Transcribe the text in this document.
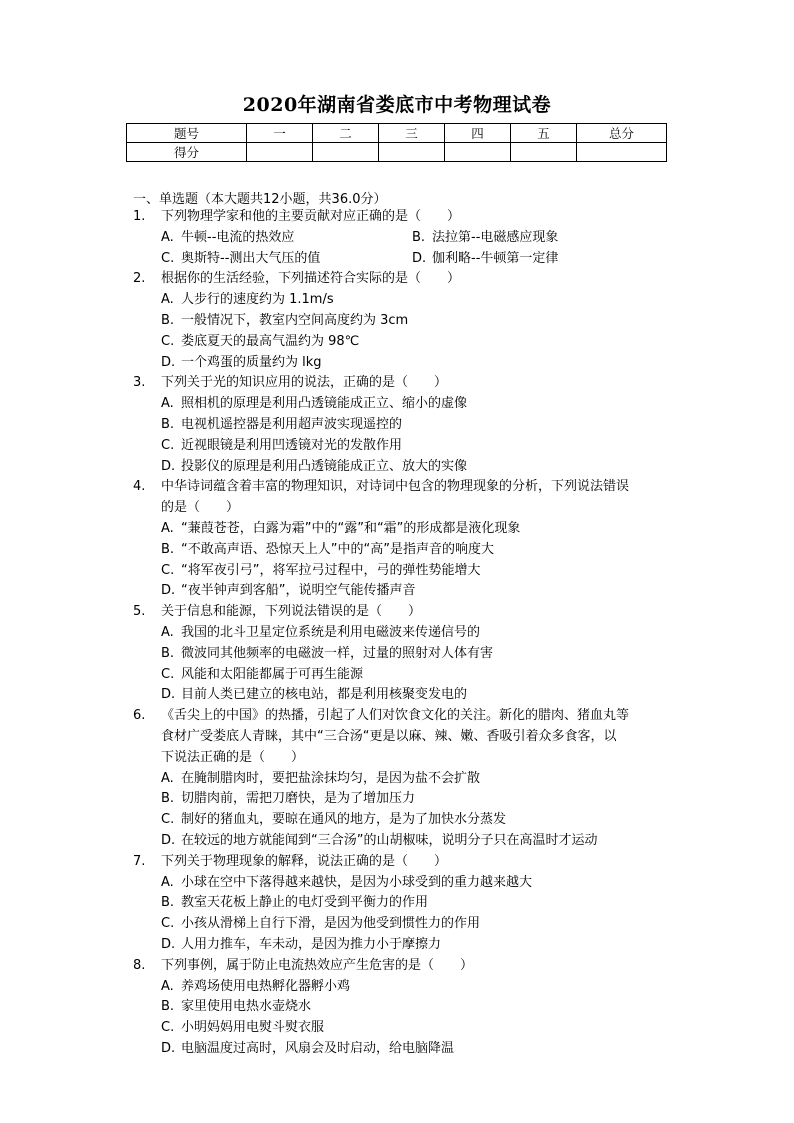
2020年湖南省娄底市中考物理试卷
题号	一	二	三	四	五	总分
得分						
一、单选题（本大题共12小题，共36.0分）
1.	下列物理学家和他的主要贡献对应正确的是（　　）
A. 牛顿--电流的热效应	B. 法拉第--电磁感应现象
C. 奥斯特--测出大气压的值	D. 伽利略--牛顿第一定律
2.	根据你的生活经验，下列描述符合实际的是（　　）
A. 人步行的速度约为 1.1m/s
B. 一般情况下，教室内空间高度约为 3cm
C. 娄底夏天的最高气温约为 98℃
D. 一个鸡蛋的质量约为 lkg
3.	下列关于光的知识应用的说法，正确的是（　　）
A. 照相机的原理是利用凸透镜能成正立、缩小的虚像
B. 电视机遥控器是利用超声波实现遥控的
C. 近视眼镜是利用凹透镜对光的发散作用
D. 投影仪的原理是利用凸透镜能成正立、放大的实像
4.	中华诗词蕴含着丰富的物理知识，对诗词中包含的物理现象的分析，下列说法错误
的是（　　）
A. “蒹葭苍苍，白露为霜”中的“露”和“霜”的形成都是液化现象
B. “不敢高声语、恐惊天上人”中的“高”是指声音的响度大
C. “将军夜引弓”，将军拉弓过程中，弓的弹性势能增大
D. “夜半钟声到客船”，说明空气能传播声音
5.	关于信息和能源，下列说法错误的是（　　）
A. 我国的北斗卫星定位系统是利用电磁波来传递信号的
B. 微波同其他频率的电磁波一样，过量的照射对人体有害
C. 风能和太阳能都属于可再生能源
D. 目前人类已建立的核电站，都是利用核聚变发电的
6.	《舌尖上的中国》的热播，引起了人们对饮食文化的关注。新化的腊肉、猪血丸等
食材广受娄底人青睐，其中“三合汤“更是以麻、辣、嫩、香吸引着众多食客，以
下说法正确的是（　　）
A. 在腌制腊肉时，要把盐涂抹均匀，是因为盐不会扩散
B. 切腊肉前，需把刀磨快，是为了增加压力
C. 制好的猪血丸，要晾在通风的地方，是为了加快水分蒸发
D. 在较远的地方就能闻到“三合汤”的山胡椒味，说明分子只在高温时才运动
7.	下列关于物理现象的解释，说法正确的是（　　）
A. 小球在空中下落得越来越快，是因为小球受到的重力越来越大
B. 教室天花板上静止的电灯受到平衡力的作用
C. 小孩从滑梯上自行下滑，是因为他受到惯性力的作用
D. 人用力推车，车未动，是因为推力小于摩擦力
8.	下列事例，属于防止电流热效应产生危害的是（　　）
A. 养鸡场使用电热孵化器孵小鸡
B. 家里使用电热水壶烧水
C. 小明妈妈用电熨斗熨衣服
D. 电脑温度过高时，风扇会及时启动，给电脑降温
